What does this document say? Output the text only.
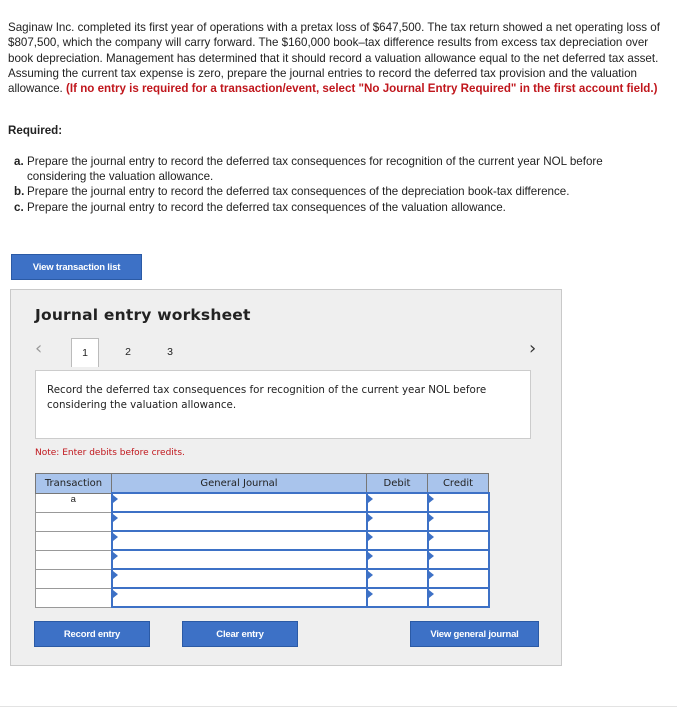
Saginaw Inc. completed its first year of operations with a pretax loss of $647,500. The tax return showed a net operating loss of $807,500, which the company will carry forward. The $160,000 book–tax difference results from excess tax depreciation over book depreciation. Management has determined that it should record a valuation allowance equal to the net deferred tax asset. Assuming the current tax expense is zero, prepare the journal entries to record the deferred tax provision and the valuation allowance. (If no entry is required for a transaction/event, select "No Journal Entry Required" in the first account field.)
Required:
a. Prepare the journal entry to record the deferred tax consequences for recognition of the current year NOL before considering the valuation allowance.
b. Prepare the journal entry to record the deferred tax consequences of the depreciation book-tax difference.
c. Prepare the journal entry to record the deferred tax consequences of the valuation allowance.
View transaction list
Journal entry worksheet
‹	1	2	3	›
Record the deferred tax consequences for recognition of the current year NOL before considering the valuation allowance.
Note: Enter debits before credits.
Transaction	General Journal	Debit	Credit
a	

Record entry	Clear entry	View general journal
